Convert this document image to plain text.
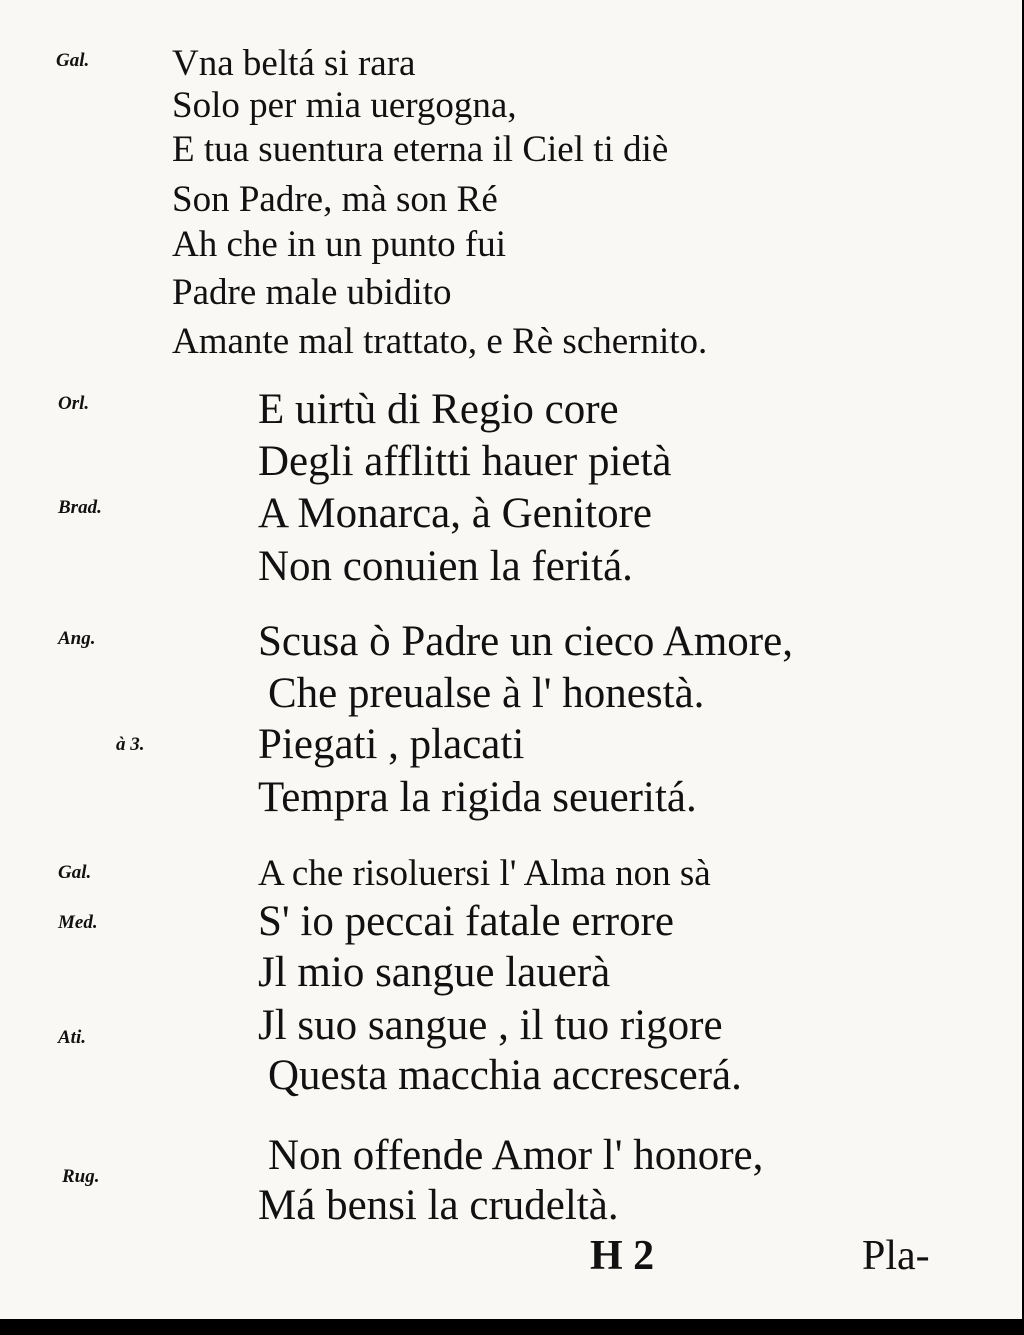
Gal.
Orl.
Brad.
Ang.
à 3.
Gal.
Med.
Ati.
Rug.
Vna beltá si rara
Solo per mia uergogna,
E tua suentura eterna il Ciel ti diè
Son Padre, mà son Ré
Ah che in un punto fui
Padre male ubidito
Amante mal trattato, e Rè schernito.
E uirtù di Regio core
Degli afflitti hauer pietà
A Monarca, à Genitore
Non conuien la feritá.
Scusa ò Padre un cieco Amore,
Che preualse à l' honestà.
Piegati , placati
Tempra la rigida seueritá.
A che risoluersi l' Alma non sà
S' io peccai fatale errore
Jl mio sangue lauerà
Jl suo sangue , il tuo rigore
Questa macchia accrescerá.
Non offende Amor l' honore,
Má bensi la crudeltà.
H 2	Pla-
